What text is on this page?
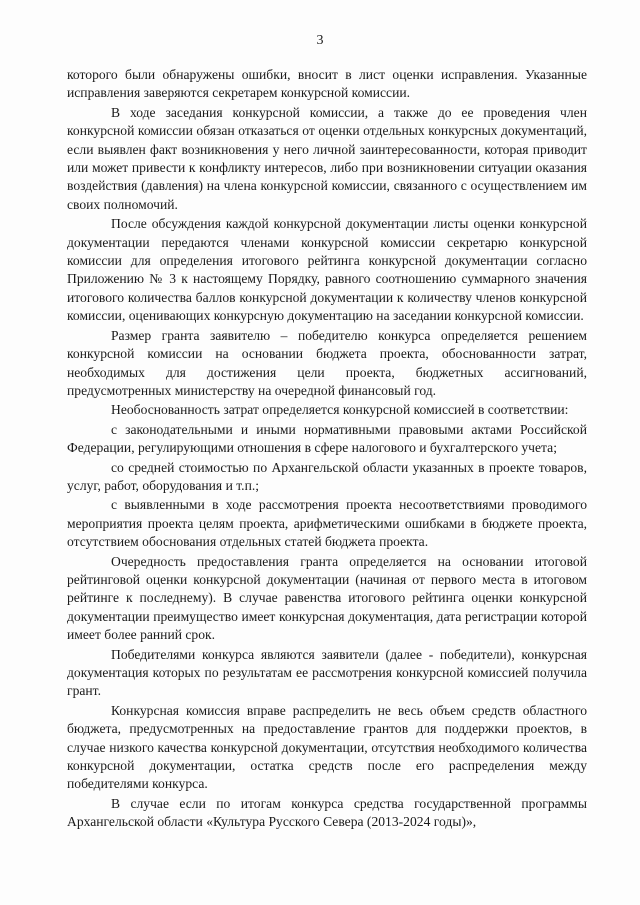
3

которого были обнаружены ошибки, вносит в лист оценки исправления. Указанные исправления заверяются секретарем конкурсной комиссии.

В ходе заседания конкурсной комиссии, а также до ее проведения член конкурсной комиссии обязан отказаться от оценки отдельных конкурсных документаций, если выявлен факт возникновения у него личной заинтересованности, которая приводит или может привести к конфликту интересов, либо при возникновении ситуации оказания воздействия (давления) на члена конкурсной комиссии, связанного с осуществлением им своих полномочий.

После обсуждения каждой конкурсной документации листы оценки конкурсной документации передаются членами конкурсной комиссии секретарю конкурсной комиссии для определения итогового рейтинга конкурсной документации согласно Приложению № 3 к настоящему Порядку, равного соотношению суммарного значения итогового количества баллов конкурсной документации к количеству членов конкурсной комиссии, оценивающих конкурсную документацию на заседании конкурсной комиссии.

Размер гранта заявителю – победителю конкурса определяется решением конкурсной комиссии на основании бюджета проекта, обоснованности затрат, необходимых для достижения цели проекта, бюджетных ассигнований, предусмотренных министерству на очередной финансовый год.

Необоснованность затрат определяется конкурсной комиссией в соответствии:

с законодательными и иными нормативными правовыми актами Российской Федерации, регулирующими отношения в сфере налогового и бухгалтерского учета;

со средней стоимостью по Архангельской области указанных в проекте товаров, услуг, работ, оборудования и т.п.;

с выявленными в ходе рассмотрения проекта несоответствиями проводимого мероприятия проекта целям проекта, арифметическими ошибками в бюджете проекта, отсутствием обоснования отдельных статей бюджета проекта.

Очередность предоставления гранта определяется на основании итоговой рейтинговой оценки конкурсной документации (начиная от первого места в итоговом рейтинге к последнему). В случае равенства итогового рейтинга оценки конкурсной документации преимущество имеет конкурсная документация, дата регистрации которой имеет более ранний срок.

Победителями конкурса являются заявители (далее - победители), конкурсная документация которых по результатам ее рассмотрения конкурсной комиссией получила грант.

Конкурсная комиссия вправе распределить не весь объем средств областного бюджета, предусмотренных на предоставление грантов для поддержки проектов, в случае низкого качества конкурсной документации, отсутствия необходимого количества конкурсной документации, остатка средств после его распределения между победителями конкурса.

В случае если по итогам конкурса средства государственной программы Архангельской области «Культура Русского Севера (2013-2024 годы)»,
